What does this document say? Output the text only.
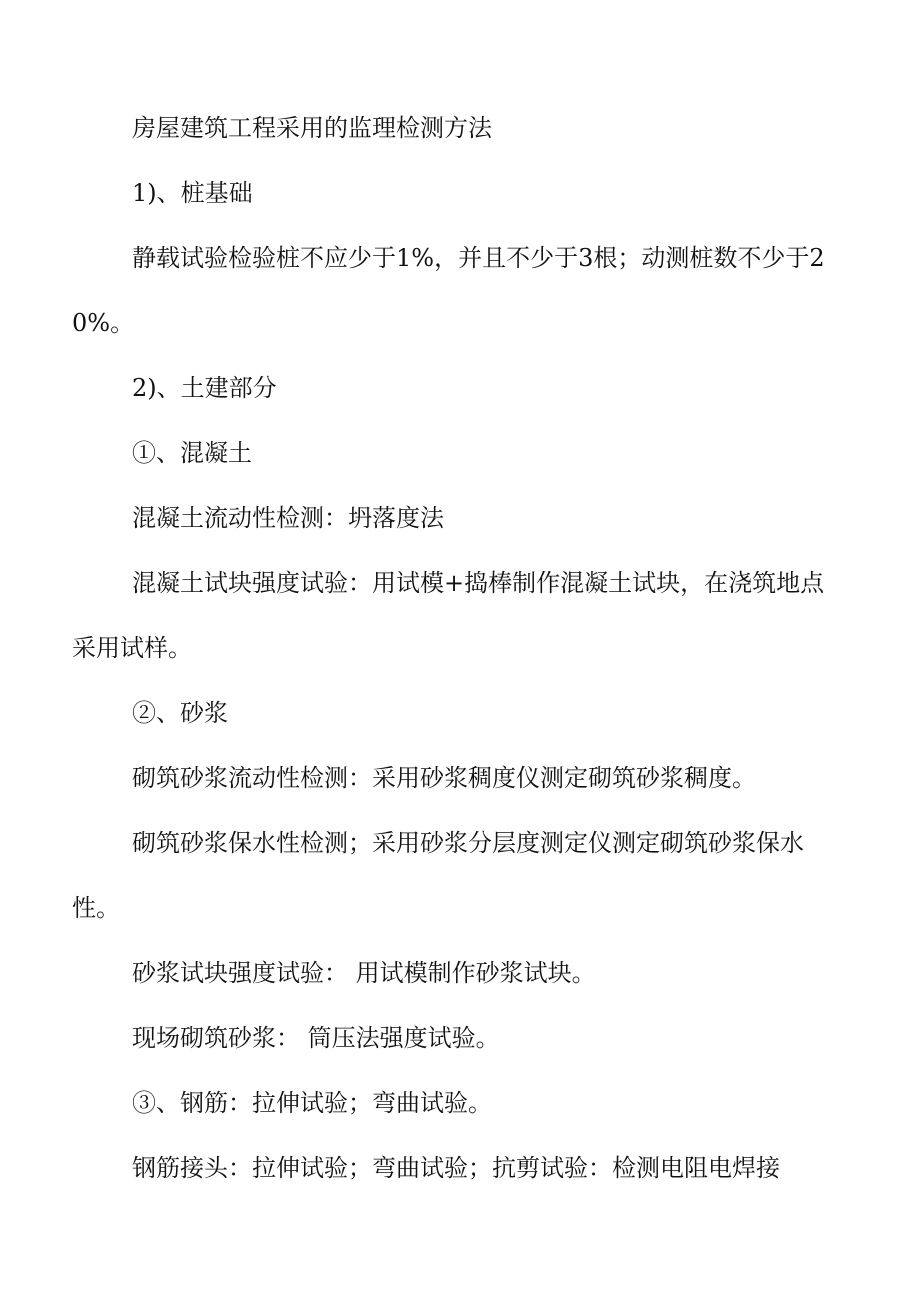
房屋建筑工程采用的监理检测方法

1)、桩基础

静载试验检验桩不应少于1%，并且不少于3根；动测桩数不少于20%。

2)、土建部分

①、混凝土

混凝土流动性检测：坍落度法

混凝土试块强度试验：用试模+捣棒制作混凝土试块，在浇筑地点采用试样。

②、砂浆

砌筑砂浆流动性检测：采用砂浆稠度仪测定砌筑砂浆稠度。

砌筑砂浆保水性检测；采用砂浆分层度测定仪测定砌筑砂浆保水性。

砂浆试块强度试验： 用试模制作砂浆试块。

现场砌筑砂浆： 筒压法强度试验。

③、钢筋：拉伸试验；弯曲试验。

钢筋接头：拉伸试验；弯曲试验；抗剪试验：检测电阻电焊接
